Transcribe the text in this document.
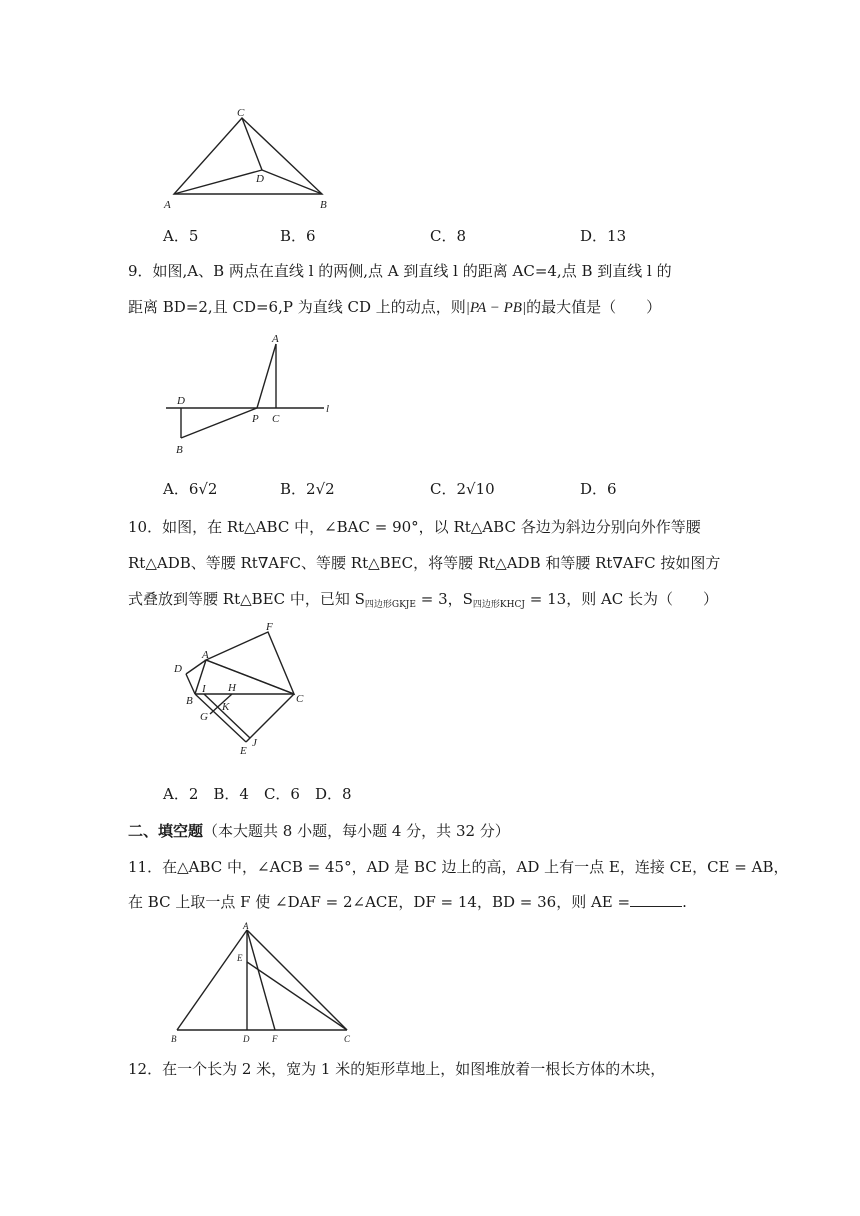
C
D
A	B
A．5	B．6	C．8	D．13
9．如图,A、B 两点在直线 l 的两侧,点 A 到直线 l 的距离 AC=4,点 B 到直线 l 的
距离 BD=2,且 CD=6,P 为直线 CD 上的动点，则|PA − PB|的最大值是（　　）
A
D
P C
l
B
A．6√2	B．2√2	C．2√10	D．6
10．如图，在 Rt△ABC 中，∠BAC = 90°，以 Rt△ABC 各边为斜边分别向外作等腰
Rt△ADB、等腰 Rt∇AFC、等腰 Rt△BEC，将等腰 Rt△ADB 和等腰 Rt∇AFC 按如图方
式叠放到等腰 Rt△BEC 中，已知 $S_{四边形GKJE} = 3$，$S_{四边形KHCJ} = 13$，则 AC 长为（　　）
F
A
D
I H
B	C
K
G
E
J
A．2　B．4　C．6　D．8
二、填空题（本大题共 8 小题，每小题 4 分，共 32 分）
11．在△ABC 中，∠ACB = 45°，AD 是 BC 边上的高，AD 上有一点 E，连接 CE，CE = AB，
在 BC 上取一点 F 使 ∠DAF = 2∠ACE，DF = 14，BD = 36，则 AE =	.
A
E
B	D	F	C
12．在一个长为 2 米，宽为 1 米的矩形草地上，如图堆放着一根长方体的木块，
